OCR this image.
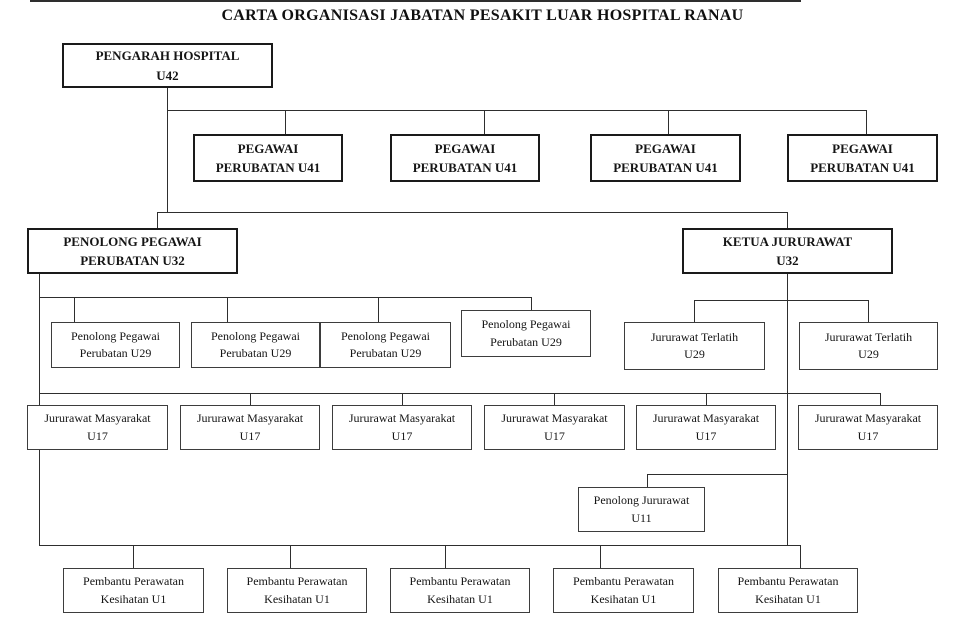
CARTA ORGANISASI JABATAN PESAKIT LUAR HOSPITAL RANAU
PENGARAH HOSPITAL
U42
PEGAWAI
PERUBATAN U41
PEGAWAI
PERUBATAN U41
PEGAWAI
PERUBATAN U41
PEGAWAI
PERUBATAN U41
PENOLONG PEGAWAI
PERUBATAN U32
KETUA JURURAWAT
U32
Penolong Pegawai
Perubatan U29
Penolong Pegawai
Perubatan U29
Penolong Pegawai
Perubatan U29
Penolong Pegawai
Perubatan U29	Jururawat Terlatih
U29
Jururawat Terlatih
U29
Jururawat Masyarakat
U17
Jururawat Masyarakat
U17
Jururawat Masyarakat
U17
Jururawat Masyarakat
U17
Jururawat Masyarakat
U17
Jururawat Masyarakat
U17
Penolong Jururawat
U11
Pembantu Perawatan
Kesihatan U1
Pembantu Perawatan
Kesihatan U1
Pembantu Perawatan
Kesihatan U1
Pembantu Perawatan
Kesihatan U1
Pembantu Perawatan
Kesihatan U1
